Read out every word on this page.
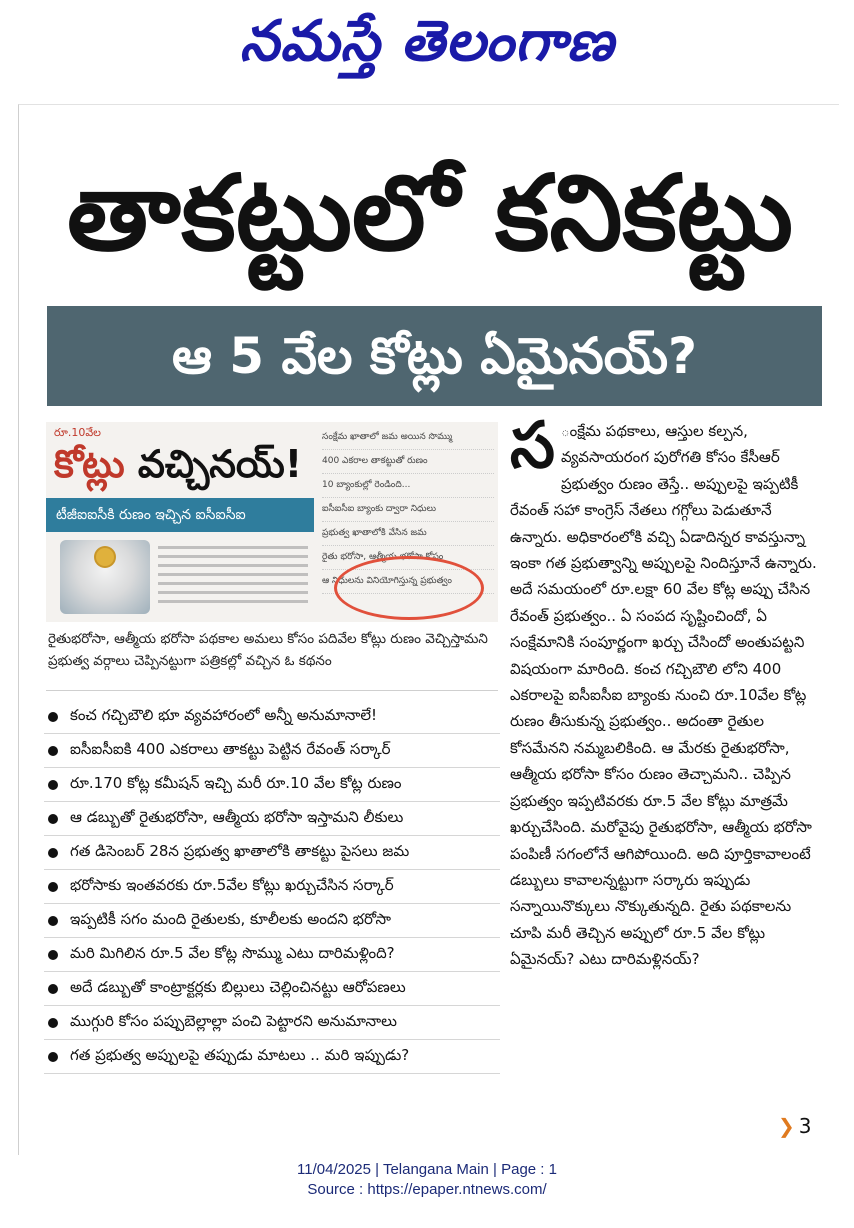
నమస్తే తెలంగాణ
తాకట్టులో కనికట్టు
ఆ 5 వేల కోట్లు ఏమైనయ్?
రూ.10వేల
కోట్లు వచ్చినయ్!
టీజీఐఐసీకి రుణం ఇచ్చిన ఐసీఐసీఐ
సంక్షేమ ఖాతాలో జమ అయిన సొమ్ము
400 ఎకరాల తాకట్టుతో రుణం
10 బ్యాంకుల్లో రెండింది...
ఐసీఐసీఐ బ్యాంకు ద్వారా నిధులు
ప్రభుత్వ ఖాతాలోకి వేసిన జమ
రైతు భరోసా, ఆత్మీయ భరోసా కోసం
ఆ నిధులను వినియోగిస్తున్న ప్రభుత్వం
రైతుభరోసా, ఆత్మీయ భరోసా పథకాల అమలు కోసం పదివేల కోట్లు రుణం వెచ్చిస్తామని ప్రభుత్వ వర్గాలు చెప్పినట్టుగా పత్రికల్లో వచ్చిన ఓ కథనం
కంచ గచ్చిబౌలి భూ వ్యవహారంలో అన్నీ అనుమానాలే!
ఐసీఐసీఐకి 400 ఎకరాలు తాకట్టు పెట్టిన రేవంత్ సర్కార్
రూ.170 కోట్ల కమీషన్ ఇచ్చి మరీ రూ.10 వేల కోట్ల రుణం
ఆ డబ్బుతో రైతుభరోసా, ఆత్మీయ భరోసా ఇస్తామని లీకులు
గత డిసెంబర్ 28న ప్రభుత్వ ఖాతాలోకి తాకట్టు పైసలు జమ
భరోసాకు ఇంతవరకు రూ.5వేల కోట్లు ఖర్చుచేసిన సర్కార్
ఇప్పటికీ సగం మంది రైతులకు, కూలీలకు అందని భరోసా
మరి మిగిలిన రూ.5 వేల కోట్ల సొమ్ము ఎటు దారిమళ్లింది?
అదే డబ్బుతో కాంట్రాక్టర్లకు బిల్లులు చెల్లించినట్టు ఆరోపణలు
ముగ్గురి కోసం పప్పుబెల్లాల్లా పంచి పెట్టారని అనుమానాలు
గత ప్రభుత్వ అప్పులపై తప్పుడు మాటలు .. మరి ఇప్పుడు?
స ంక్షేమ పథకాలు, ఆస్తుల కల్పన, వ్యవసాయరంగ పురోగతి కోసం కేసీఆర్ ప్రభుత్వం రుణం తెస్తే.. అప్పులపై ఇప్పటికీ రేవంత్ సహా కాంగ్రెస్ నేతలు గగ్గోలు పెడుతూనే ఉన్నారు. అధికారంలోకి వచ్చి ఏడాదిన్నర కావస్తున్నా ఇంకా గత ప్రభుత్వాన్ని అప్పులపై నిందిస్తూనే ఉన్నారు. అదే సమయంలో రూ.లక్షా 60 వేల కోట్ల అప్పు చేసిన రేవంత్ ప్రభుత్వం.. ఏ సంపద సృష్టించిందో, ఏ సంక్షేమానికి సంపూర్ణంగా ఖర్చు చేసిందో అంతుపట్టని విషయంగా మారింది. కంచ గచ్చిబౌలి లోని 400 ఎకరాలపై ఐసీఐసీఐ బ్యాంకు నుంచి రూ.10వేల కోట్ల రుణం తీసుకున్న ప్రభుత్వం.. అదంతా రైతుల కోసమేనని నమ్మబలికింది. ఆ మేరకు రైతుభరోసా, ఆత్మీయ భరోసా కోసం రుణం తెచ్చామని.. చెప్పిన ప్రభుత్వం ఇప్పటివరకు రూ.5 వేల కోట్లు మాత్రమే ఖర్చుచేసింది. మరోవైపు రైతుభరోసా, ఆత్మీయ భరోసా పంపిణీ సగంలోనే ఆగిపోయింది. అది పూర్తికావాలంటే డబ్బులు కావాలన్నట్టుగా సర్కారు ఇప్పుడు సన్నాయినొక్కులు నొక్కుతున్నది. రైతు పథకాలను చూపి మరీ తెచ్చిన అప్పులో రూ.5 వేల కోట్లు ఏమైనయ్? ఎటు దారిమళ్లినయ్?
❯ 3
11/04/2025 | Telangana Main | Page : 1
Source : https://epaper.ntnews.com/
